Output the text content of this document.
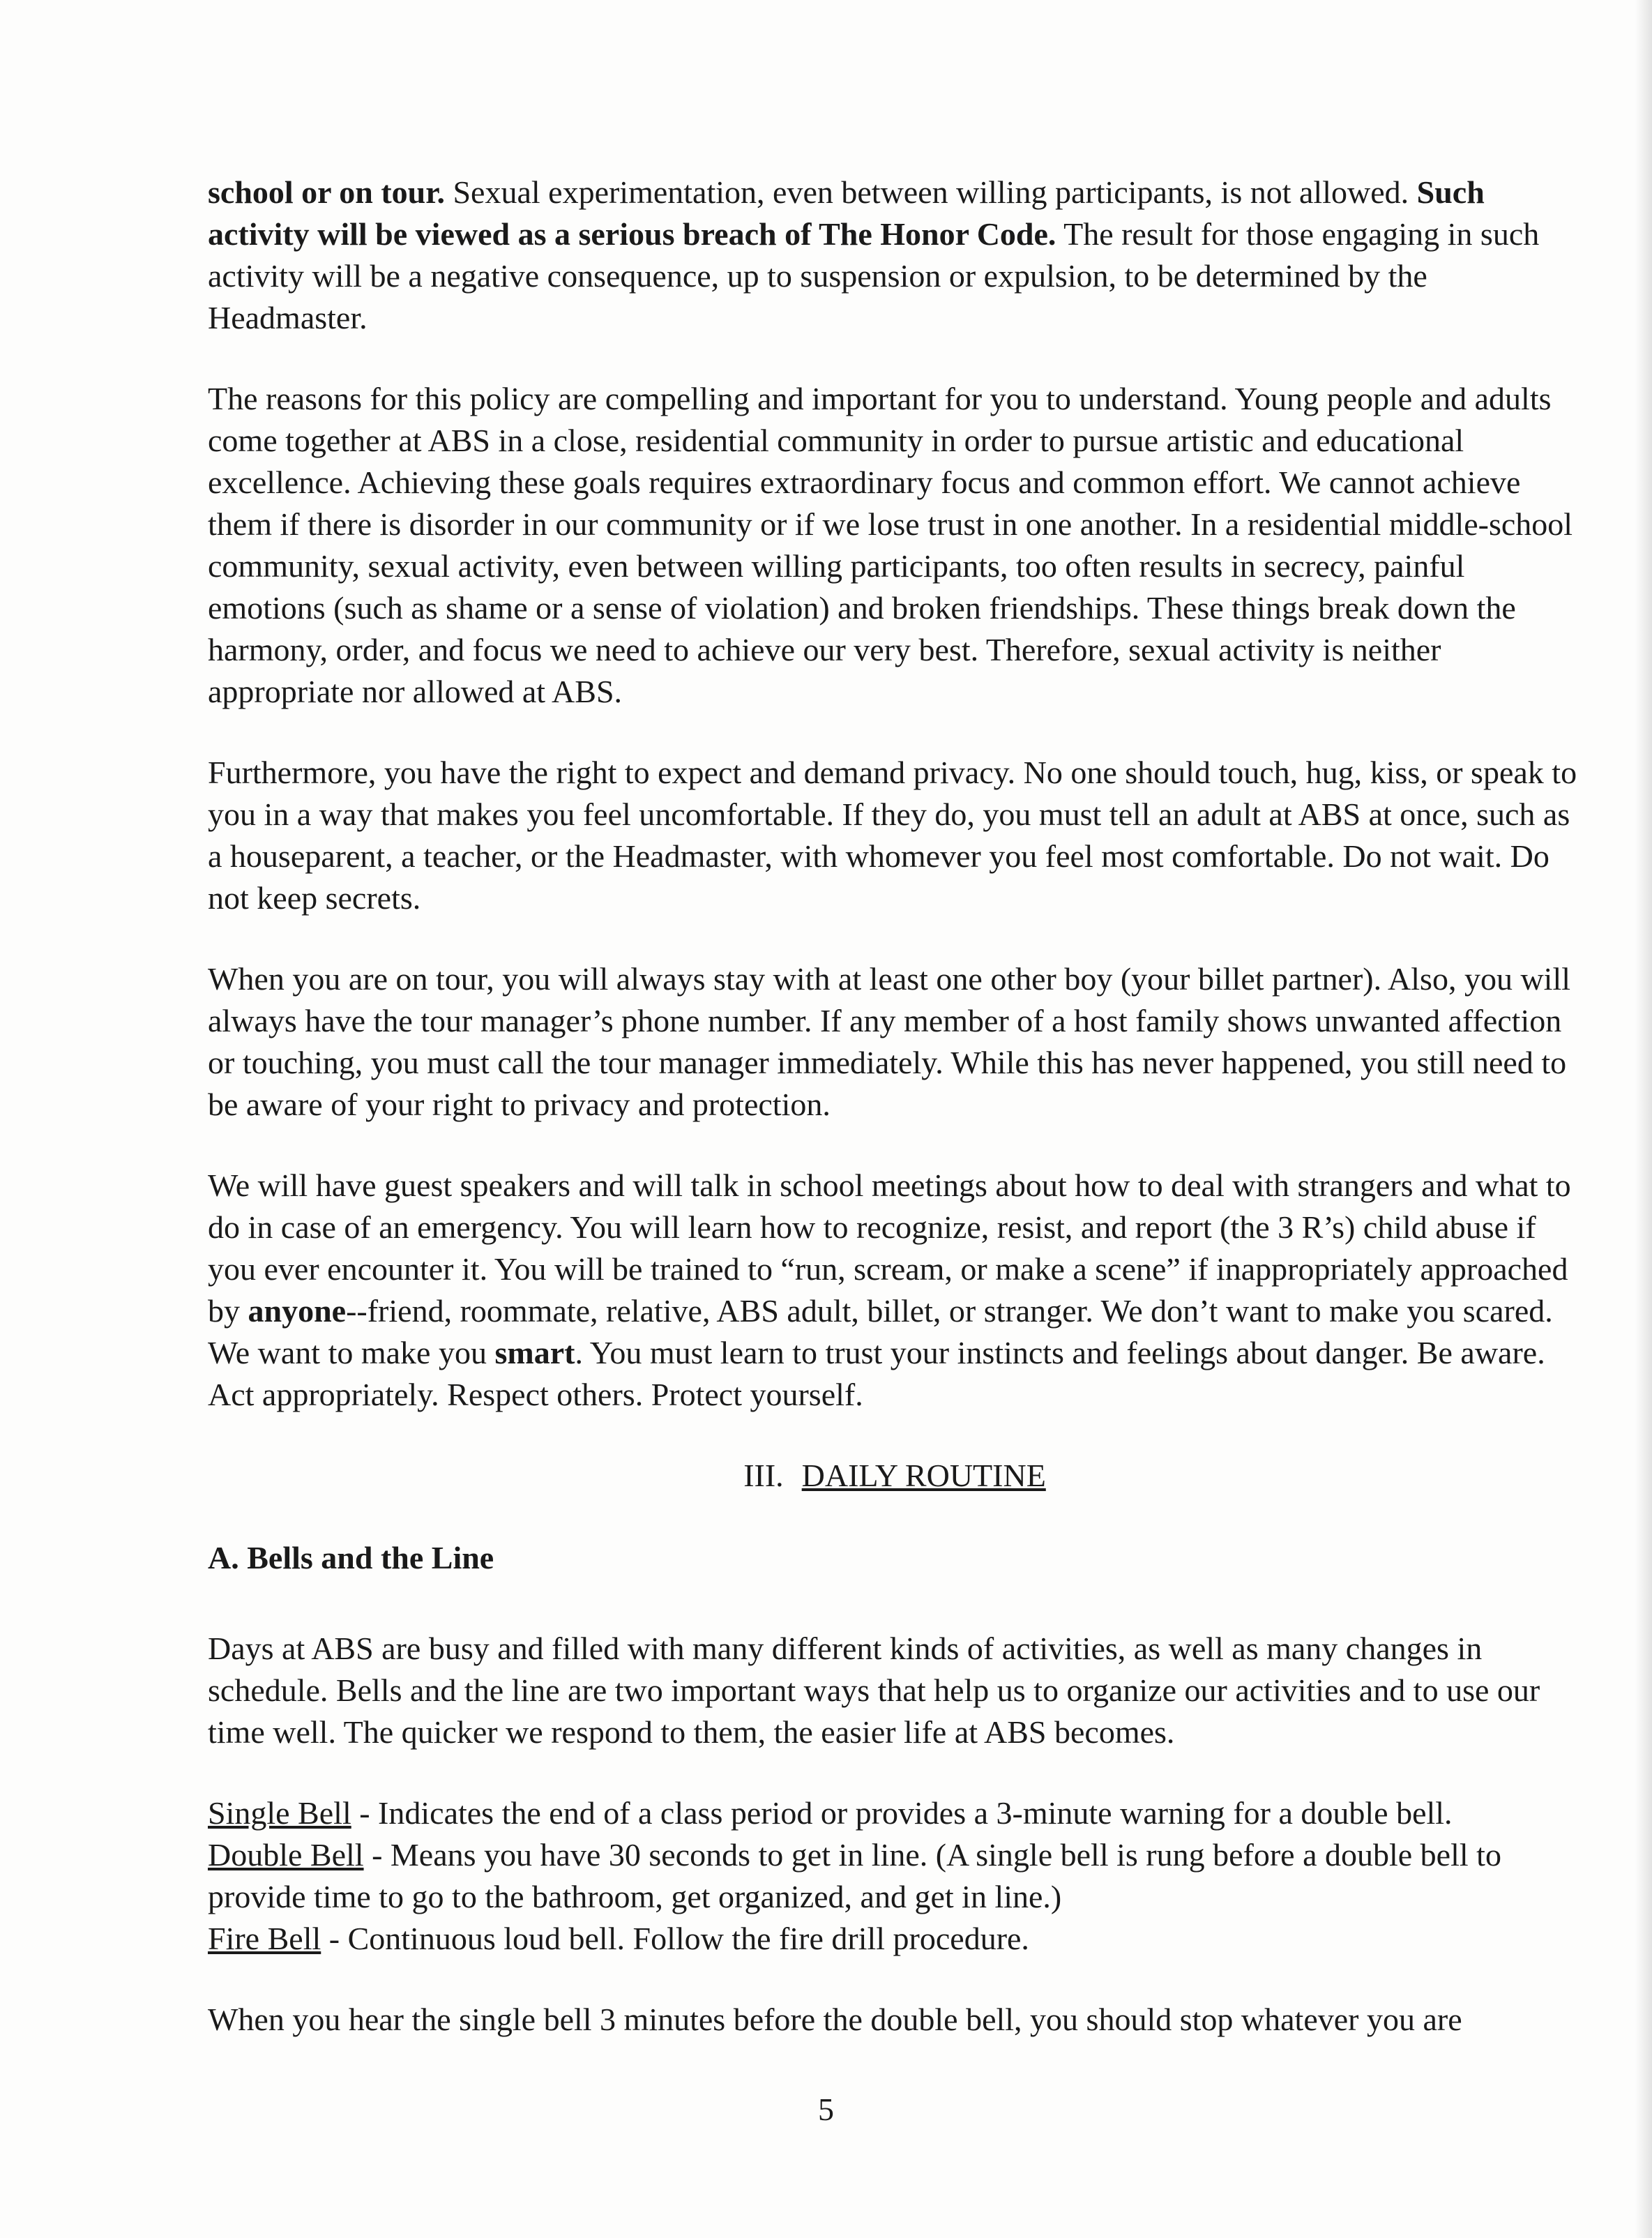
school or on tour. Sexual experimentation, even between willing participants, is not allowed. Such activity will be viewed as a serious breach of The Honor Code. The result for those engaging in such activity will be a negative consequence, up to suspension or expulsion, to be determined by the Headmaster.

The reasons for this policy are compelling and important for you to understand. Young people and adults come together at ABS in a close, residential community in order to pursue artistic and educational excellence. Achieving these goals requires extraordinary focus and common effort. We cannot achieve them if there is disorder in our community or if we lose trust in one another. In a residential middle-school community, sexual activity, even between willing participants, too often results in secrecy, painful emotions (such as shame or a sense of violation) and broken friendships. These things break down the harmony, order, and focus we need to achieve our very best. Therefore, sexual activity is neither appropriate nor allowed at ABS.

Furthermore, you have the right to expect and demand privacy. No one should touch, hug, kiss, or speak to you in a way that makes you feel uncomfortable. If they do, you must tell an adult at ABS at once, such as a houseparent, a teacher, or the Headmaster, with whomever you feel most comfortable. Do not wait. Do not keep secrets.

When you are on tour, you will always stay with at least one other boy (your billet partner). Also, you will always have the tour manager’s phone number. If any member of a host family shows unwanted affection or touching, you must call the tour manager immediately. While this has never happened, you still need to be aware of your right to privacy and protection.

We will have guest speakers and will talk in school meetings about how to deal with strangers and what to do in case of an emergency. You will learn how to recognize, resist, and report (the 3 R’s) child abuse if you ever encounter it. You will be trained to “run, scream, or make a scene” if inappropriately approached by anyone--friend, roommate, relative, ABS adult, billet, or stranger. We don’t want to make you scared. We want to make you smart. You must learn to trust your instincts and feelings about danger. Be aware. Act appropriately. Respect others. Protect yourself.

III. DAILY ROUTINE
A. Bells and the Line

Days at ABS are busy and filled with many different kinds of activities, as well as many changes in schedule. Bells and the line are two important ways that help us to organize our activities and to use our time well. The quicker we respond to them, the easier life at ABS becomes.

Single Bell - Indicates the end of a class period or provides a 3-minute warning for a double bell.
Double Bell - Means you have 30 seconds to get in line. (A single bell is rung before a double bell to provide time to go to the bathroom, get organized, and get in line.)
Fire Bell - Continuous loud bell. Follow the fire drill procedure.

When you hear the single bell 3 minutes before the double bell, you should stop whatever you are

5
